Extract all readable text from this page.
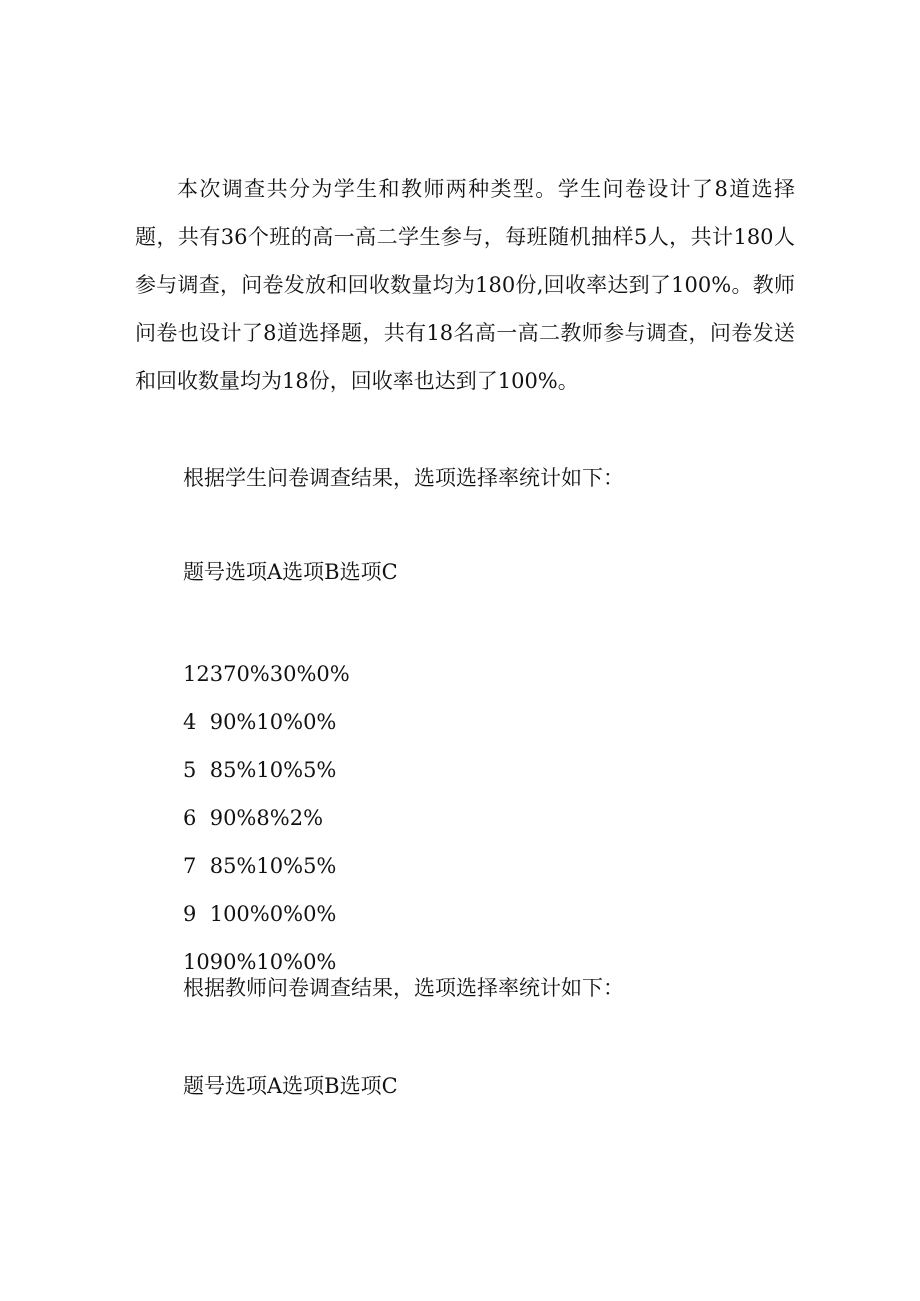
本次调查共分为学生和教师两种类型。学生问卷设计了8道选择题，共有36个班的高一高二学生参与，每班随机抽样5人，共计180人参与调查，问卷发放和回收数量均为180份,回收率达到了100%。教师问卷也设计了8道选择题，共有18名高一高二教师参与调查，问卷发送和回收数量均为18份，回收率也达到了100%。

根据学生问卷调查结果，选项选择率统计如下：

题号选项A选项B选项C

12370%30%0%

4  90%10%0%

5  85%10%5%

6  90%8%2%

7  85%10%5%

9  100%0%0%

1090%10%0%

根据教师问卷调查结果，选项选择率统计如下：

题号选项A选项B选项C
